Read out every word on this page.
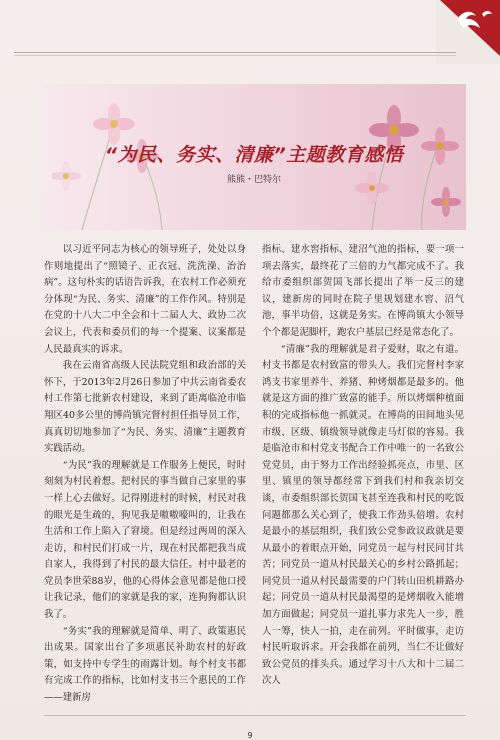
“为民、务实、清廉”主题教育感悟
熊熊・巴特尔

以习近平同志为核心的领导班子，处处以身作则地提出了“照镜子、正衣冠、洗洗澡、治治病”。这句朴实的话语告诉我，在农村工作必须充分体现“为民、务实、清廉”的工作作风。特别是在党的十八大二中全会和十二届人大、政协二次会议上，代表和委员们的每一个提案、议案都是人民最真实的诉求。

我在云南省高级人民法院党组和政治部的关怀下，于2013年2月26日参加了中共云南省委农村工作第七批新农村建设，来到了距离临沧市临翔区40多公里的博尚镇完督村担任指导员工作，真真切切地参加了“为民、务实、清廉”主题教育实践活动。

“为民”我的理解就是工作服务上便民，时时刻刻为村民着想。把村民的事当做自己家里的事一样上心去做好。记得刚进村的时候，村民对我的眼光是生疏的，狗见我是嗷嗷嚎叫的，让我在生活和工作上陷入了窘境。但是经过两周的深入走访，和村民们打成一片，现在村民都把我当成自家人，我得到了村民的最大信任。村中最老的党员李世荣88岁，他的心得体会意见都是他口授让我记录，他们的家就是我的家，连狗狗都认识我了。

“务实”我的理解就是简单、明了、政策惠民出成果。国家出台了多项惠民补助农村的好政策，如支持中专学生的雨露计划。每个村支书都有完成工作的指标，比如村支书三个惠民的工作——建新房

指标、建水窖指标、建沼气池的指标，要一项一项去落实，最终花了三倍的力气都完成不了。我给市委组织部贺国飞部长提出了举一反三的建议，建新房的同时在院子里规划建水窖、沼气池，事半功倍，这就是务实。在博尚镇大小领导个个都是泥脚杆，跑农户基层已经是常态化了。

“清廉”我的理解就是君子爱财，取之有道。村支书都是农村致富的带头人。我们完督村李家鸿支书家里养牛、养猪、种烤烟都是最多的。他就是这方面的推广致富的能手。所以烤烟种植面积的完成指标他一抓就灵。在博尚的田间地头见市级、区级、镇级领导就像走马灯似的容易。我是临沧市和村党支书配合工作中唯一的一名致公党党员，由于努力工作出经验抓亮点，市里、区里、镇里的领导都经常下到我们村和我亲切交谈，市委组织部长贺国飞甚至连我和村民的吃饭问题都那么关心到了，使我工作劲头倍增。农村是最小的基层组织，我们致公党参政议政就是要从最小的着眼点开始，同党员一起与村民同甘共苦；同党员一道从村民最关心的乡村公路抓起；同党员一道从村民最需要的户门转山田机耕路办起；同党员一道从村民最渴望的是烤烟收入能增加方面做起；同党员一道扎事力求先人一步，胜人一筹，快人一拍，走在前列。平时做事，走访村民听取诉求。开会我都在前列，当仁不让做好致公党员的排头兵。通过学习十八大和十二届二次人

9
